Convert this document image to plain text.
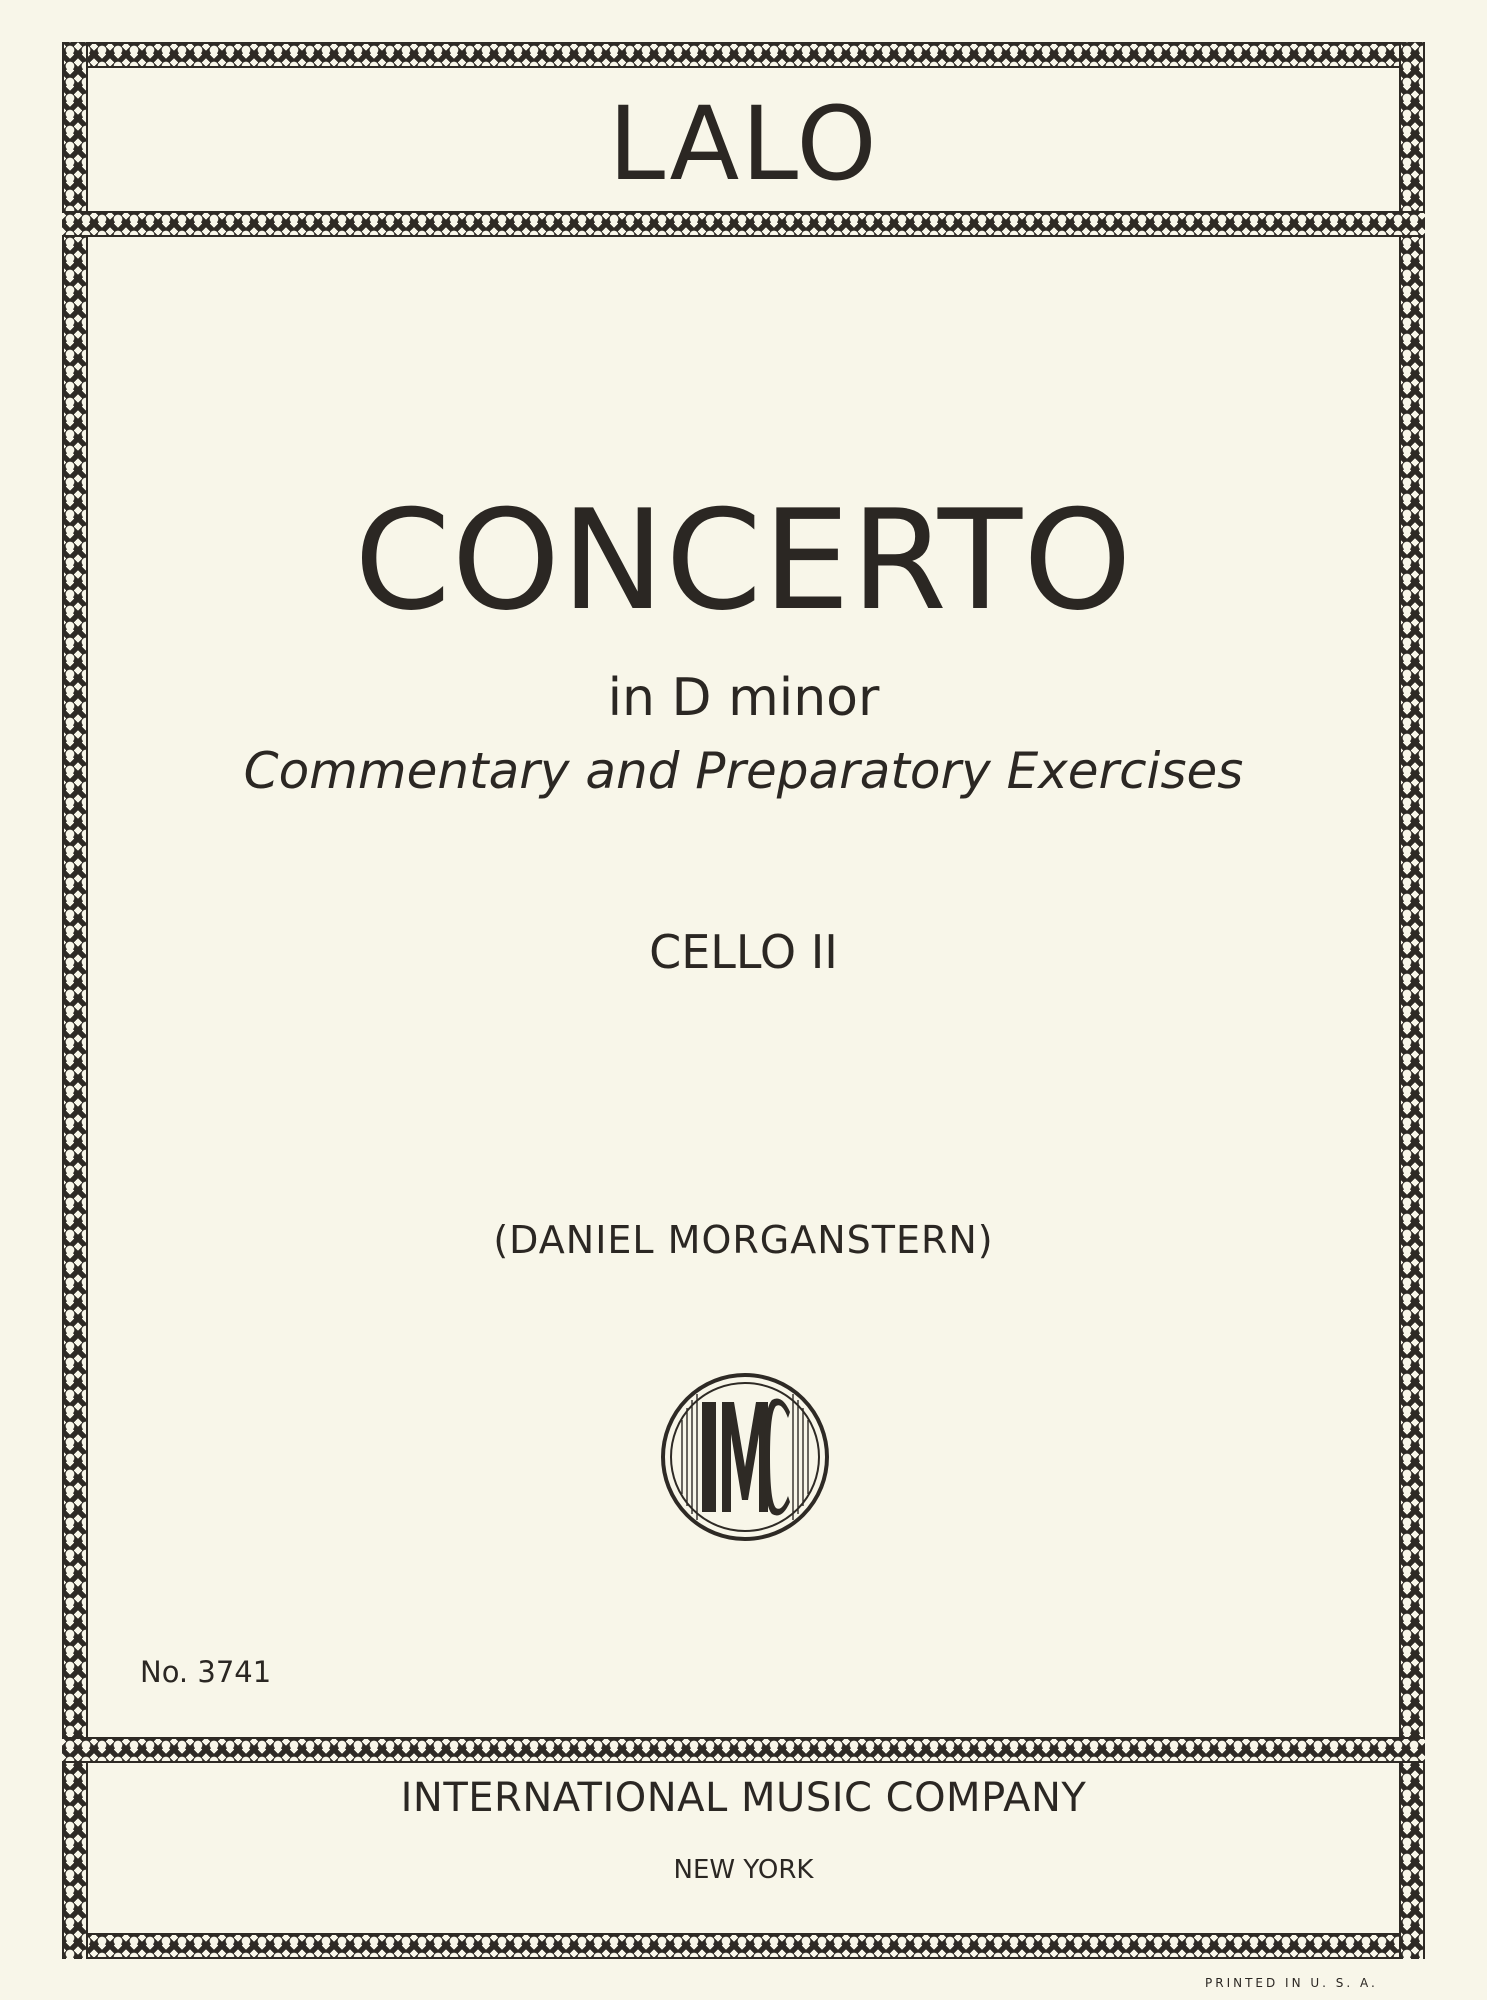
LALO
CONCERTO
in D minor
Commentary and Preparatory Exercises
CELLO II
(DANIEL MORGANSTERN)
No. 3741
INTERNATIONAL MUSIC COMPANY
NEW YORK
PRINTED IN U. S. A.
